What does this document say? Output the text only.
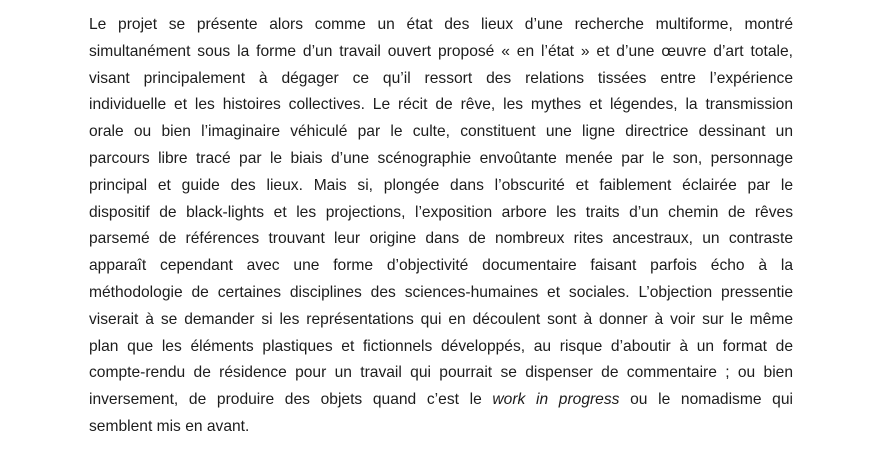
Le projet se présente alors comme un état des lieux d’une recherche multiforme, montré
simultanément sous la forme d’un travail ouvert proposé « en l’état » et d’une œuvre d’art totale,
visant principalement à dégager ce qu’il ressort des relations tissées entre l’expérience
individuelle et les histoires collectives. Le récit de rêve, les mythes et légendes, la transmission
orale ou bien l’imaginaire véhiculé par le culte, constituent une ligne directrice dessinant un
parcours libre tracé par le biais d’une scénographie envoûtante menée par le son, personnage
principal et guide des lieux. Mais si, plongée dans l’obscurité et faiblement éclairée par le
dispositif de black-lights et les projections, l’exposition arbore les traits d’un chemin de rêves
parsemé de références trouvant leur origine dans de nombreux rites ancestraux, un contraste
apparaît cependant avec une forme d’objectivité documentaire faisant parfois écho à la
méthodologie de certaines disciplines des sciences-humaines et sociales. L’objection pressentie
viserait à se demander si les représentations qui en découlent sont à donner à voir sur le même
plan que les éléments plastiques et fictionnels développés, au risque d’aboutir à un format de
compte-rendu de résidence pour un travail qui pourrait se dispenser de commentaire ; ou bien
inversement, de produire des objets quand c’est le work in progress ou le nomadisme qui
semblent mis en avant.
